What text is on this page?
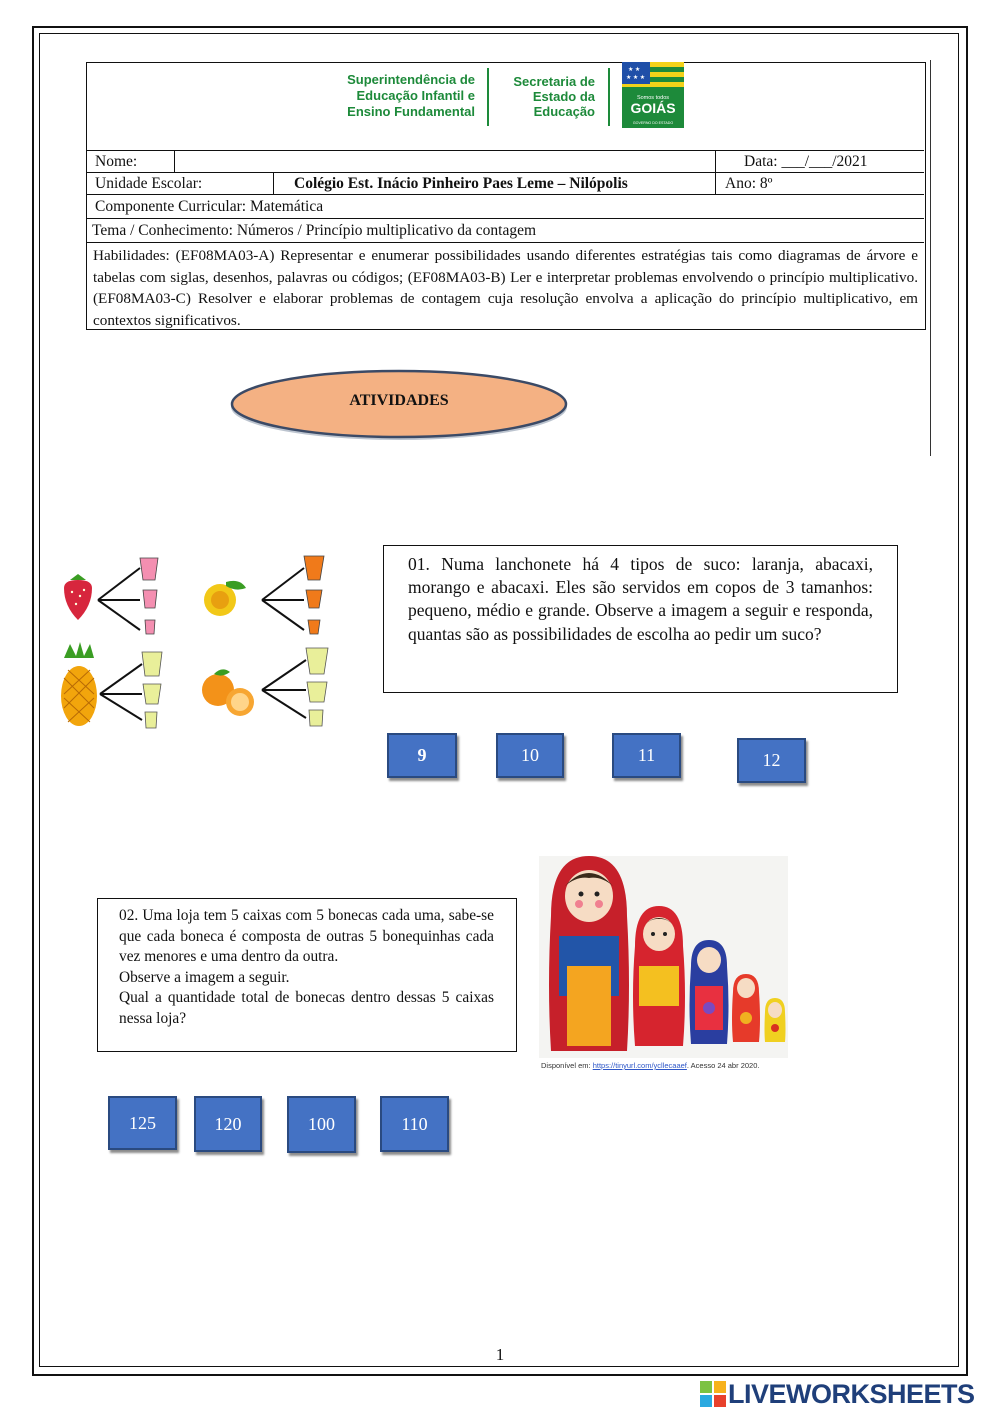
Superintendência de
Educação Infantil e
Ensino Fundamental
Secretaria de
Estado da
Educação
★ ★
★ ★ ★
Somos todos
GOIÁS
GOVERNO DO ESTADO
Nome:	Data: ___/___/2021
Unidade Escolar:	Colégio Est. Inácio Pinheiro Paes Leme – Nilópolis	Ano: 8º
Componente Curricular: Matemática
Tema / Conhecimento: Números / Princípio multiplicativo da contagem
Habilidades: (EF08MA03-A) Representar e enumerar possibilidades usando diferentes estratégias tais como diagramas de árvore e tabelas com siglas, desenhos, palavras ou códigos; (EF08MA03-B) Ler e interpretar problemas envolvendo o princípio multiplicativo. (EF08MA03-C) Resolver e elaborar problemas de contagem cuja resolução envolva a aplicação do princípio multiplicativo, em contextos significativos.
ATIVIDADES
01. Numa lanchonete há 4 tipos de suco: laranja, abacaxi, morango e abacaxi. Eles são servidos em copos de 3 tamanhos: pequeno, médio e grande. Observe a imagem a seguir e responda, quantas são as possibilidades de escolha ao pedir um suco?
9	10	11	12
02. Uma loja tem 5 caixas com 5 bonecas cada uma, sabe-se que cada boneca é composta de outras 5 bonequinhas cada vez menores e uma dentro da outra.
Observe a imagem a seguir.
Qual a quantidade total de bonecas dentro dessas 5 caixas nessa loja?
Disponível em: https://tinyurl.com/ycllecaaef. Acesso 24 abr 2020.
125	120	100	110
1
LIVEWORKSHEETS
